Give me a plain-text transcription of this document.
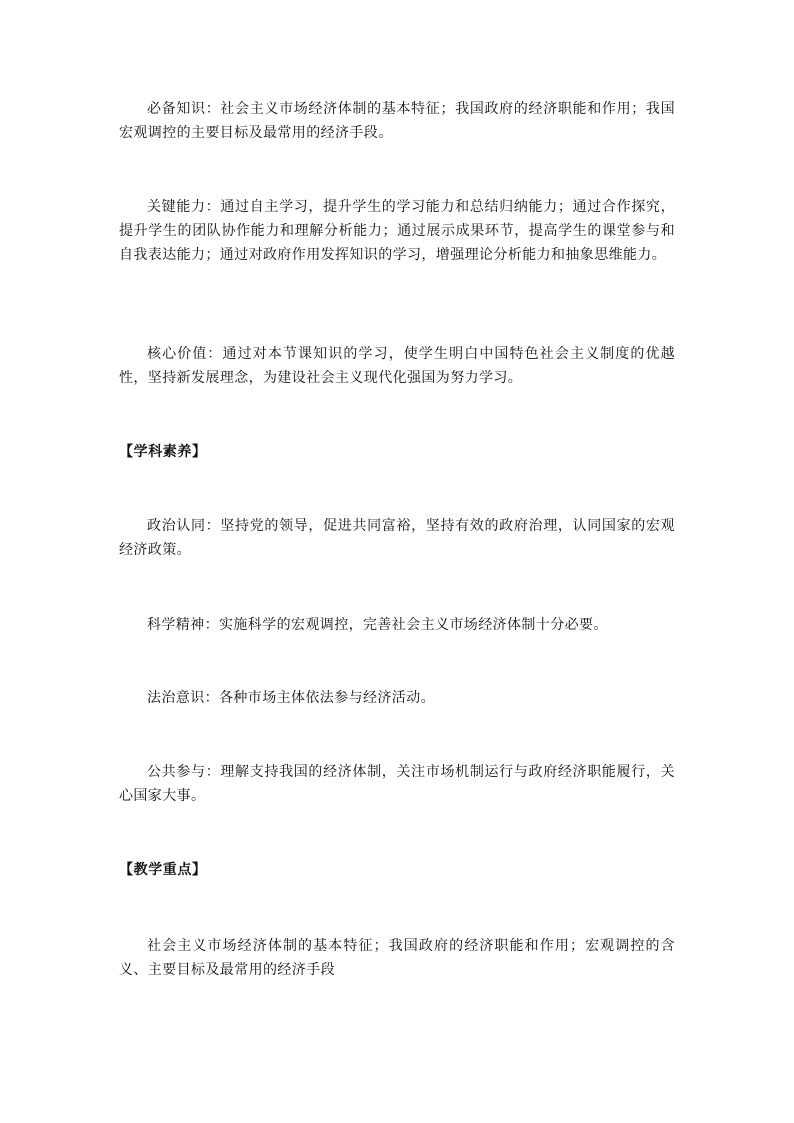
必备知识：社会主义市场经济体制的基本特征；我国政府的经济职能和作用；我国宏观调控的主要目标及最常用的经济手段。

关键能力：通过自主学习，提升学生的学习能力和总结归纳能力；通过合作探究，提升学生的团队协作能力和理解分析能力；通过展示成果环节，提高学生的课堂参与和自我表达能力；通过对政府作用发挥知识的学习，增强理论分析能力和抽象思维能力。

核心价值：通过对本节课知识的学习，使学生明白中国特色社会主义制度的优越性，坚持新发展理念，为建设社会主义现代化强国为努力学习。

【学科素养】

政治认同：坚持党的领导，促进共同富裕，坚持有效的政府治理，认同国家的宏观经济政策。

科学精神：实施科学的宏观调控，完善社会主义市场经济体制十分必要。

法治意识：各种市场主体依法参与经济活动。

公共参与：理解支持我国的经济体制，关注市场机制运行与政府经济职能履行，关心国家大事。

【教学重点】

社会主义市场经济体制的基本特征；我国政府的经济职能和作用；宏观调控的含义、主要目标及最常用的经济手段
